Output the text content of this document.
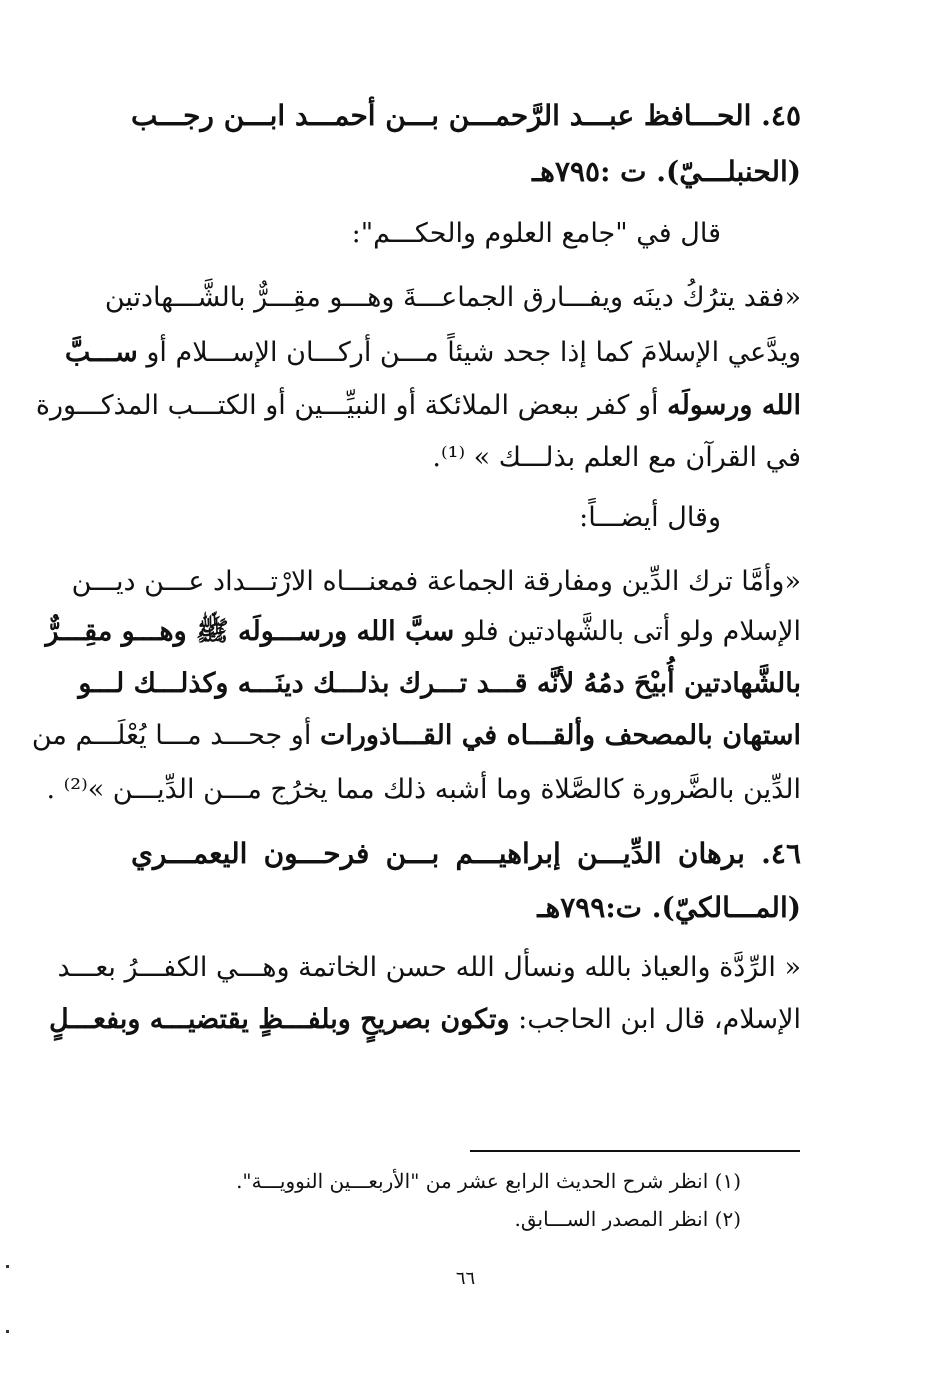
٤٥. الحـــافظ عبـــد الرَّحمـــن بـــن أحمـــد ابـــن رجـــب
(الحنبلـــيّ). ت :٧٩٥هـ
قال في "جامع العلوم والحكـــم":
«فقد يترُكُ دينَه ويفـــارق الجماعـــةَ وهـــو مقِـــرٌّ بالشَّـــهادتين
ويدَّعي الإسلامَ كما إذا جحد شيئاً مـــن أركـــان الإســـلام أو ســـبَّ
الله ورسولَه أو كفر ببعض الملائكة أو النبيِّـــين أو الكتـــب المذكـــورة
في القرآن مع العلم بذلـــك » ⁽¹⁾.
وقال أيضـــاً:
«وأمَّا ترك الدِّين ومفارقة الجماعة فمعنـــاه الارْتـــداد عـــن ديـــن
الإسلام ولو أتى بالشَّهادتين فلو سبَّ الله ورســـولَه ﷺ وهـــو مقِـــرٌّ
بالشَّهادتين أُبيْحَ دمُهُ لأنَّه قـــد تـــرك بذلـــك دينَـــه وكذلـــك لـــو
استهان بالمصحف وألقـــاه في القـــاذورات أو جحـــد مـــا يُعْلَـــم من
الدِّين بالضَّرورة كالصَّلاة وما أشبه ذلك مما يخرُج مـــن الدِّيـــن »⁽²⁾ .
٤٦. برهان الدِّيـــن إبراهيـــم بـــن فرحـــون اليعمـــري
(المـــالكيّ). ت:٧٩٩هـ
« الرِّدَّة والعياذ بالله ونسأل الله حسن الخاتمة وهـــي الكفـــرُ بعـــد
الإسلام، قال ابن الحاجب: وتكون بصريحٍ وبلفـــظٍ يقتضيـــه وبفعـــلٍ
(١) انظر شرح الحديث الرابع عشر من "الأربعـــين النوويـــة".
(٢) انظر المصدر الســـابق.
٦٦
